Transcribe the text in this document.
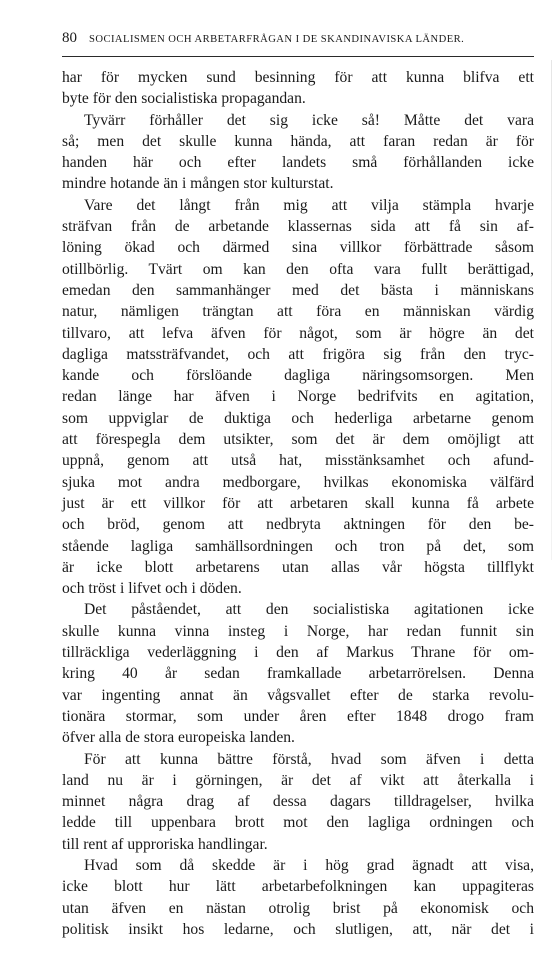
80 SOCIALISMEN OCH ARBETARFRÅGAN I DE SKANDINAVISKA LÄNDER.

har för mycken sund besinning för att kunna blifva ett
byte för den socialistiska propagandan.

Tyvärr förhåller det sig icke så! Måtte det vara
så; men det skulle kunna hända, att faran redan är för
handen här och efter landets små förhållanden icke
mindre hotande än i mången stor kulturstat.

Vare det långt från mig att vilja stämpla hvarje
sträfvan från de arbetande klassernas sida att få sin af-
löning ökad och därmed sina villkor förbättrade såsom
otillbörlig. Tvärt om kan den ofta vara fullt berättigad,
emedan den sammanhänger med det bästa i människans
natur, nämligen trängtan att föra en människan värdig
tillvaro, att lefva äfven för något, som är högre än det
dagliga matssträfvandet, och att frigöra sig från den tryc-
kande och förslöande dagliga näringsomsorgen. Men
redan länge har äfven i Norge bedrifvits en agitation,
som uppviglar de duktiga och hederliga arbetarne genom
att förespegla dem utsikter, som det är dem omöjligt att
uppnå, genom att utså hat, misstänksamhet och afund-
sjuka mot andra medborgare, hvilkas ekonomiska välfärd
just är ett villkor för att arbetaren skall kunna få arbete
och bröd, genom att nedbryta aktningen för den be-
stående lagliga samhällsordningen och tron på det, som
är icke blott arbetarens utan allas vår högsta tillflykt
och tröst i lifvet och i döden.

Det påståendet, att den socialistiska agitationen icke
skulle kunna vinna insteg i Norge, har redan funnit sin
tillräckliga vederläggning i den af Markus Thrane för om-
kring 40 år sedan framkallade arbetarrörelsen. Denna
var ingenting annat än vågsvallet efter de starka revolu-
tionära stormar, som under åren efter 1848 drogo fram
öfver alla de stora europeiska landen.

För att kunna bättre förstå, hvad som äfven i detta
land nu är i görningen, är det af vikt att återkalla i
minnet några drag af dessa dagars tilldragelser, hvilka
ledde till uppenbara brott mot den lagliga ordningen och
till rent af upproriska handlingar.

Hvad som då skedde är i hög grad ägnadt att visa,
icke blott hur lätt arbetarbefolkningen kan uppagiteras
utan äfven en nästan otrolig brist på ekonomisk och
politisk insikt hos ledarne, och slutligen, att, när det i
